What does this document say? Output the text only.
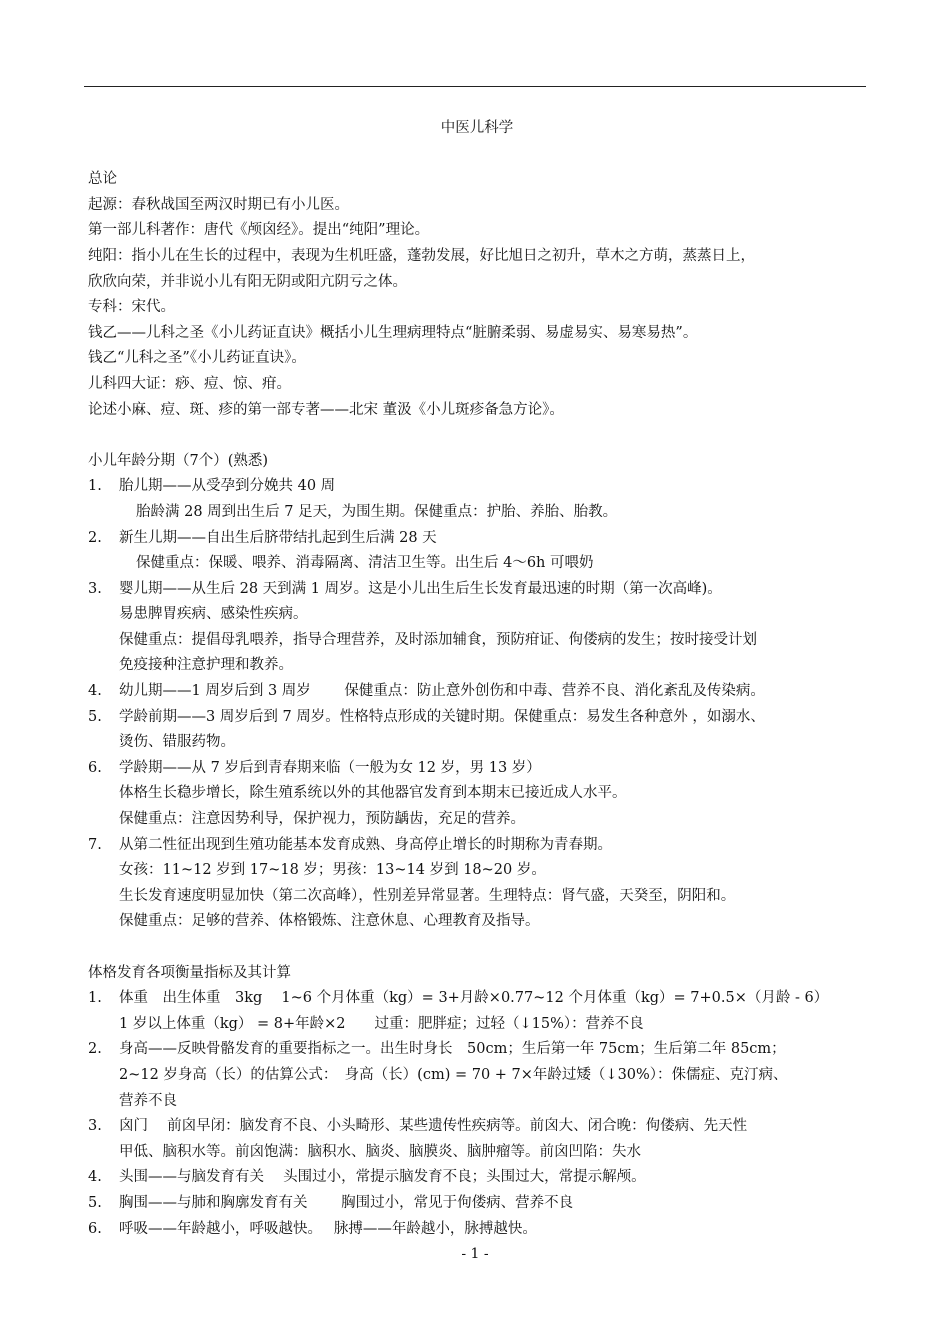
中医儿科学
总论
起源：春秋战国至两汉时期已有小儿医。
第一部儿科著作：唐代《颅囟经》。提出“纯阳”理论。
纯阳：指小儿在生长的过程中，表现为生机旺盛，蓬勃发展，好比旭日之初升，草木之方萌，蒸蒸日上，
欣欣向荣，并非说小儿有阳无阴或阳亢阴亏之体。
专科：宋代。
钱乙——儿科之圣《小儿药证直诀》概括小儿生理病理特点“脏腑柔弱、易虚易实、易寒易热”。
钱乙“儿科之圣”《小儿药证直诀》。
儿科四大证：痧、痘、惊、疳。
论述小麻、痘、斑、疹的第一部专著——北宋 董汲《小儿斑疹备急方论》。
小儿年龄分期（7个）(熟悉)
1.	胎儿期——从受孕到分娩共 40 周
胎龄满 28 周到出生后 7 足天，为围生期。保健重点：护胎、养胎、胎教。
2.	新生儿期——自出生后脐带结扎起到生后满 28 天
保健重点：保暖、喂养、消毒隔离、清洁卫生等。出生后 4～6h 可喂奶
3.	婴儿期——从生后 28 天到满 1 周岁。这是小儿出生后生长发育最迅速的时期（第一次高峰)。
易患脾胃疾病、感染性疾病。
保健重点：提倡母乳喂养，指导合理营养，及时添加辅食，预防疳证、佝偻病的发生；按时接受计划
免疫接种注意护理和教养。
4.	幼儿期——1 周岁后到 3 周岁　　 保健重点：防止意外创伤和中毒、营养不良、消化紊乱及传染病。
5.	学龄前期——3 周岁后到 7 周岁。性格特点形成的关键时期。保健重点：易发生各种意外 ，如溺水、
烫伤、错服药物。
6.	学龄期——从 7 岁后到青春期来临（一般为女 12 岁，男 13 岁）
体格生长稳步增长，除生殖系统以外的其他器官发育到本期末已接近成人水平。
保健重点：注意因势利导，保护视力，预防龋齿，充足的营养。
7.	从第二性征出现到生殖功能基本发育成熟、身高停止增长的时期称为青春期。
女孩：11~12 岁到 17~18 岁；男孩：13~14 岁到 18~20 岁。
生长发育速度明显加快（第二次高峰），性别差异常显著。生理特点：肾气盛，天癸至，阴阳和。
保健重点：足够的营养、体格锻炼、注意休息、心理教育及指导。
体格发育各项衡量指标及其计算
1.	体重　出生体重　3kg　 1~6 个月体重（kg）= 3+月龄×0.77~12 个月体重（kg）= 7+0.5×（月龄 - 6）
1 岁以上体重（kg） = 8+年龄×2　　过重：肥胖症；过轻（↓15%）：营养不良
2.	身高——反映骨骼发育的重要指标之一。出生时身长　50cm；生后第一年 75cm；生后第二年 85cm；
2~12 岁身高（长）的估算公式：　身高（长）(cm) = 70 + 7×年龄过矮（↓30%）：侏儒症、克汀病、
营养不良
3.	囟门　 前囟早闭：脑发育不良、小头畸形、某些遗传性疾病等。前囟大、闭合晚：佝偻病、先天性
甲低、脑积水等。前囟饱满：脑积水、脑炎、脑膜炎、脑肿瘤等。前囟凹陷：失水
4.	头围——与脑发育有关　 头围过小，常提示脑发育不良；头围过大，常提示解颅。
5.	胸围——与肺和胸廓发育有关　　 胸围过小，常见于佝偻病、营养不良
6.	呼吸——年龄越小，呼吸越快。　 脉搏——年龄越小，脉搏越快。
- 1 -
